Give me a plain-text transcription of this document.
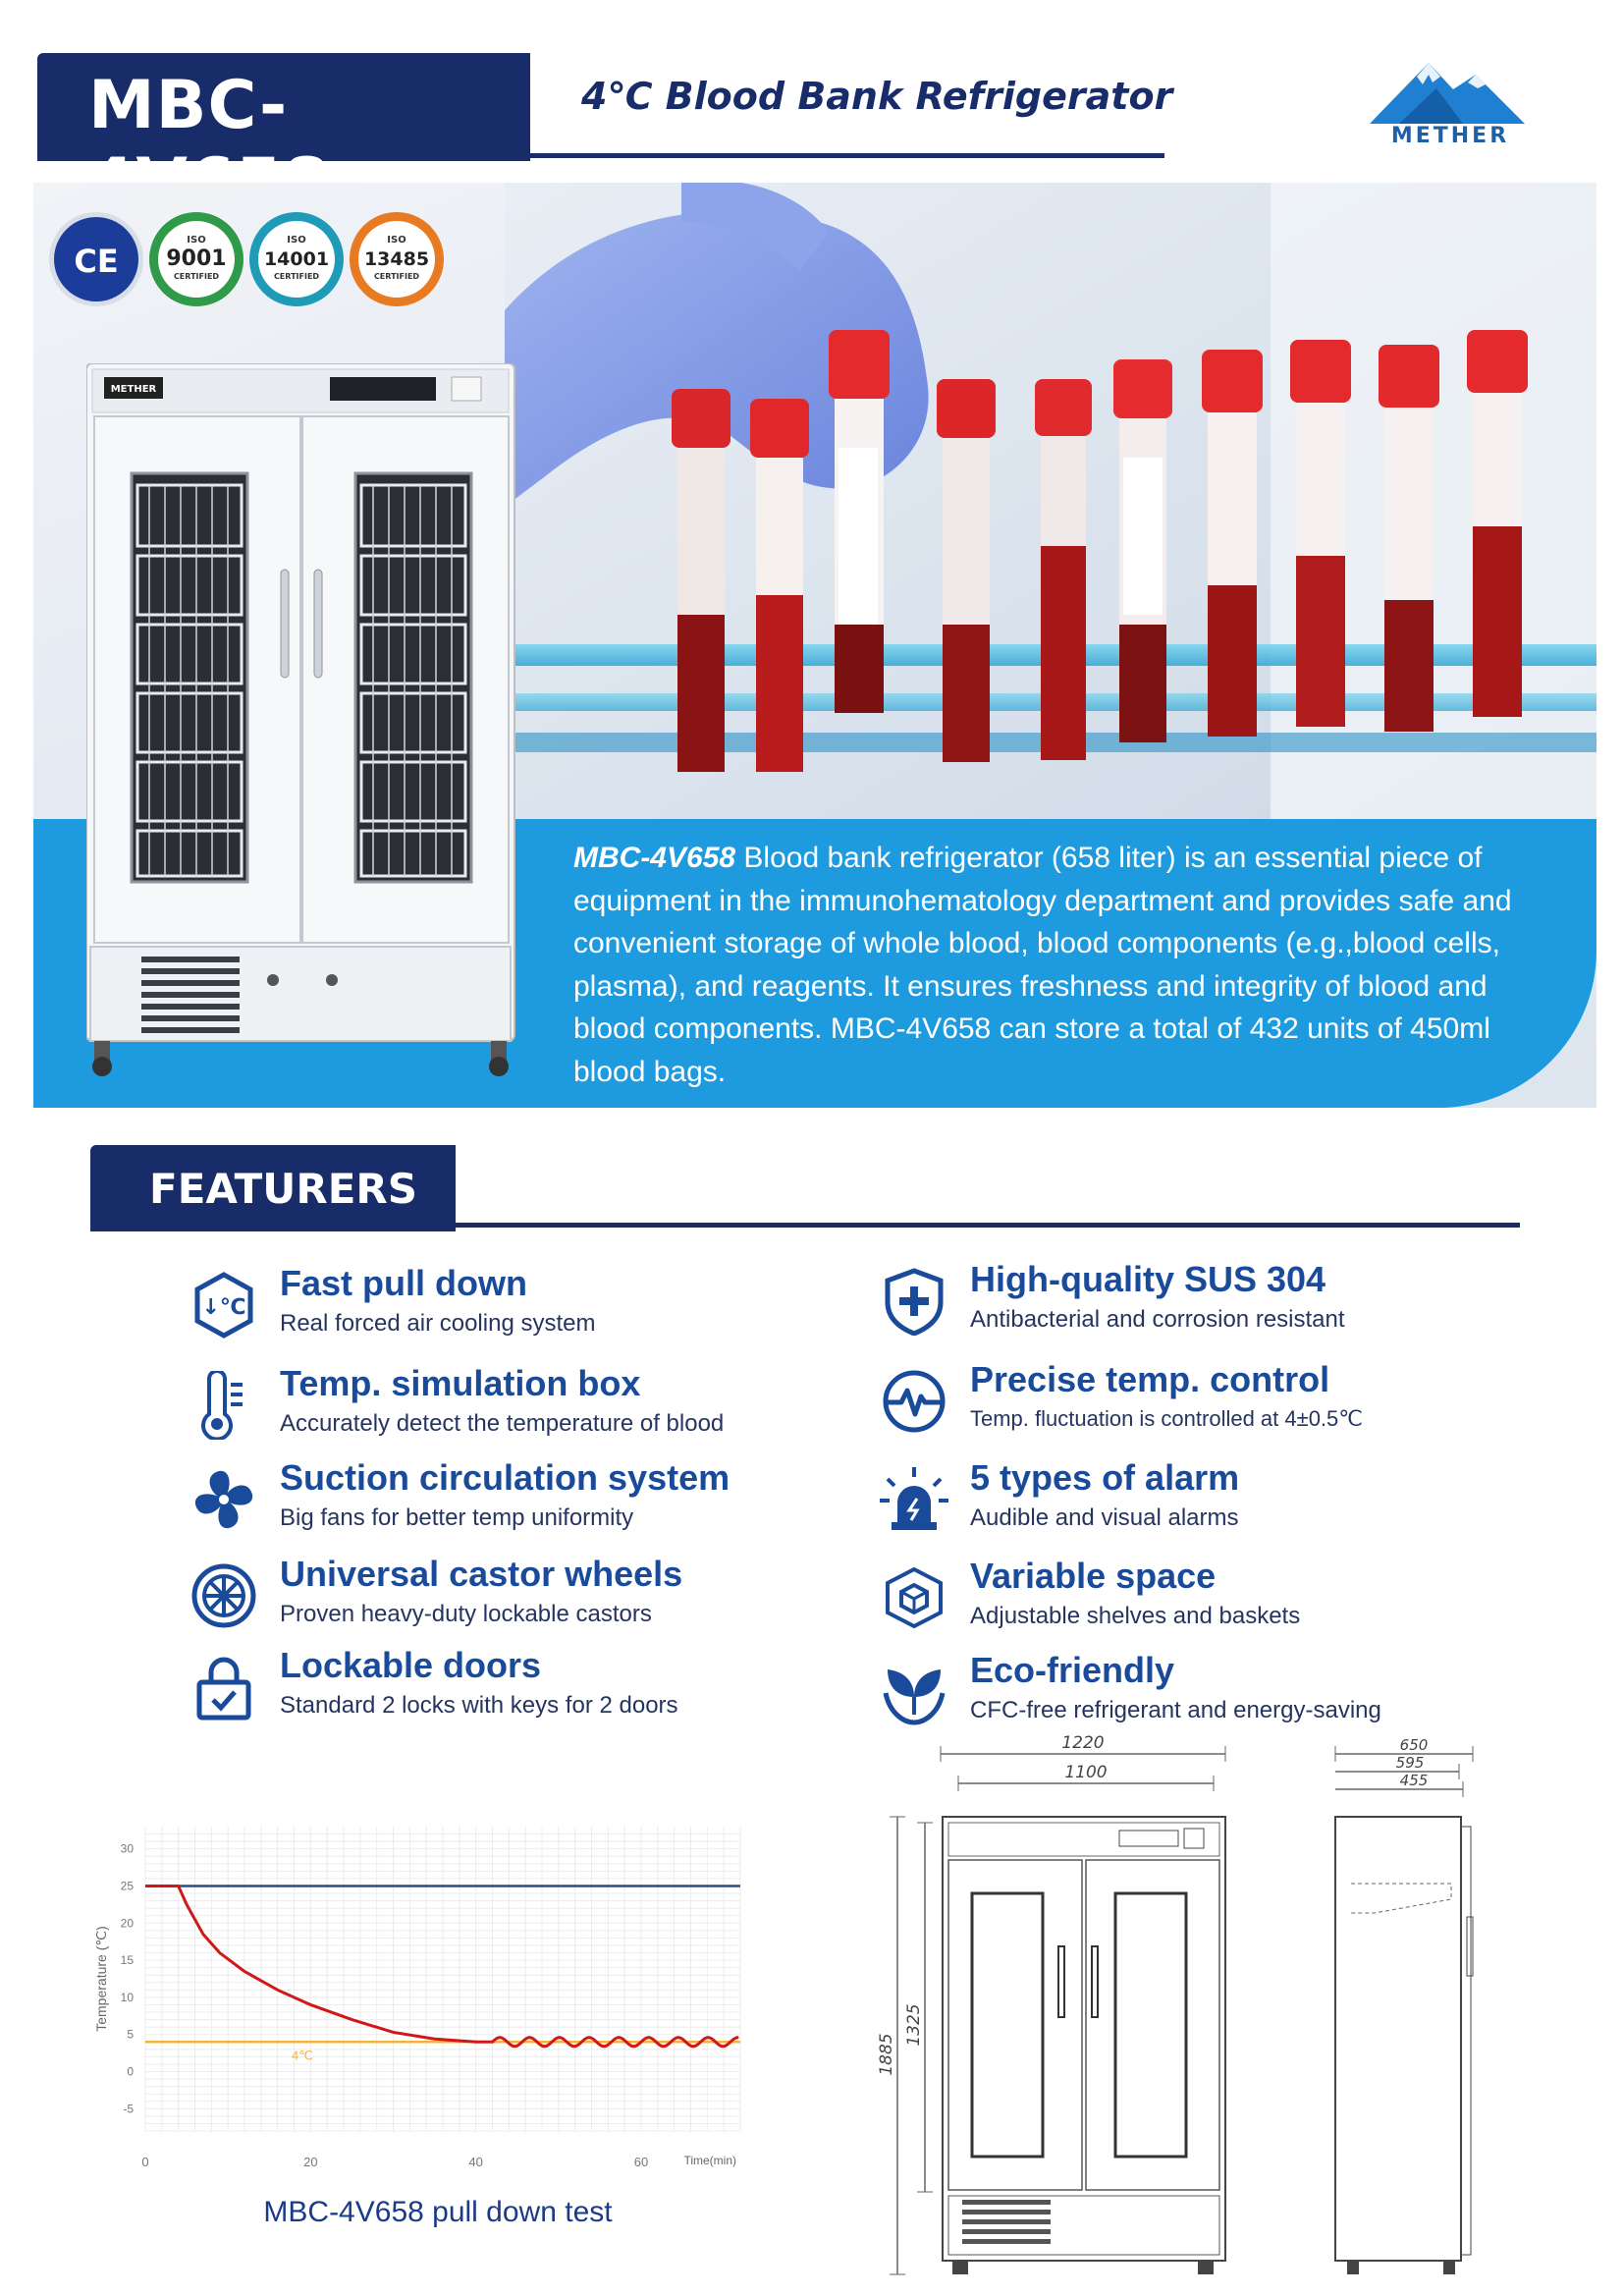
MBC-	4℃ Blood Bank Refrigerator
METHER
MBC-4V658 Blood bank refrigerator (658 liter) is an essential piece of equipment in the immunohematology department and provides safe and convenient storage of whole blood, blood components (e.g.,blood cells, plasma), and reagents. It ensures freshness and integrity of blood and blood components. MBC-4V658 can store a total of 432 units of 450ml blood bags.
CE
ISO
9001
CERTIFIED
ISO
14001
CERTIFIED
ISO
13485
CERTIFIED
METHER
FEATURERS
↓℃
Fast pull down
Real forced air cooling system
High-quality SUS 304
Antibacterial and corrosion resistant
Temp. simulation box
Accurately detect the temperature of blood
Precise temp. control
Temp. fluctuation is controlled at 4±0.5℃
Suction circulation system
Big fans for better temp uniformity
5 types of alarm
Audible and visual alarms
Universal castor wheels
Proven heavy-duty lockable castors
Variable space
Adjustable shelves and baskets
Lockable doors
Standard 2 locks with keys for 2 doors
Eco-friendly
CFC-free refrigerant and energy-saving
30
25
20
15
10
5
0
-5
0	20	40	60
Temperature (℃)
Time(min)
4℃
MBC-4V658 pull down test
1220
1100
1885
1325
650
595
455
